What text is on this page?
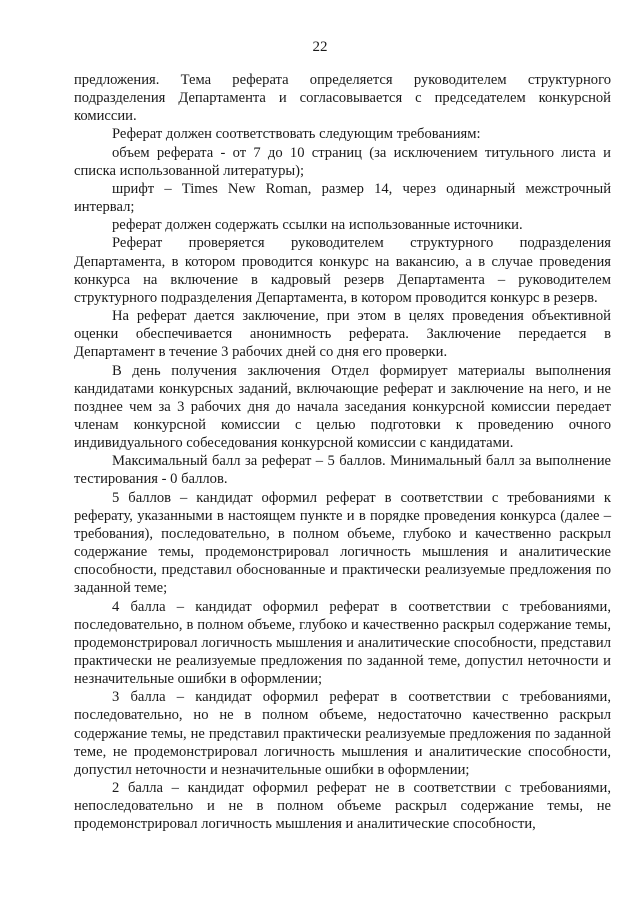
22

предложения. Тема реферата определяется руководителем структурного подразделения Департамента и согласовывается с председателем конкурсной комиссии.

Реферат должен соответствовать следующим требованиям:

объем реферата - от 7 до 10 страниц (за исключением титульного листа и списка использованной литературы);

шрифт – Times New Roman, размер 14, через одинарный межстрочный интервал;

реферат должен содержать ссылки на использованные источники.

Реферат проверяется руководителем структурного подразделения Департамента, в котором проводится конкурс на вакансию, а в случае проведения конкурса на включение в кадровый резерв Департамента – руководителем структурного подразделения Департамента, в котором проводится конкурс в резерв.

На реферат дается заключение, при этом в целях проведения объективной оценки обеспечивается анонимность реферата. Заключение передается в Департамент в течение 3 рабочих дней со дня его проверки.

В день получения заключения Отдел формирует материалы выполнения кандидатами конкурсных заданий, включающие реферат и заключение на него, и не позднее чем за 3 рабочих дня до начала заседания конкурсной комиссии передает членам конкурсной комиссии с целью подготовки к проведению очного индивидуального собеседования конкурсной комиссии с кандидатами.

Максимальный балл за реферат – 5 баллов. Минимальный балл за выполнение тестирования - 0 баллов.

5 баллов – кандидат оформил реферат в соответствии с требованиями к реферату, указанными в настоящем пункте и в порядке проведения конкурса (далее – требования), последовательно, в полном объеме, глубоко и качественно раскрыл содержание темы, продемонстрировал логичность мышления и аналитические способности, представил обоснованные и практически реализуемые предложения по заданной теме;

4 балла – кандидат оформил реферат в соответствии с требованиями, последовательно, в полном объеме, глубоко и качественно раскрыл содержание темы, продемонстрировал логичность мышления и аналитические способности, представил практически не реализуемые предложения по заданной теме, допустил неточности и незначительные ошибки в оформлении;

3 балла – кандидат оформил реферат в соответствии с требованиями, последовательно, но не в полном объеме, недостаточно качественно раскрыл содержание темы, не представил практически реализуемые предложения по заданной теме, не продемонстрировал логичность мышления и аналитические способности, допустил неточности и незначительные ошибки в оформлении;

2 балла – кандидат оформил реферат не в соответствии с требованиями, непоследовательно и не в полном объеме раскрыл содержание темы, не продемонстрировал логичность мышления и аналитические способности,
